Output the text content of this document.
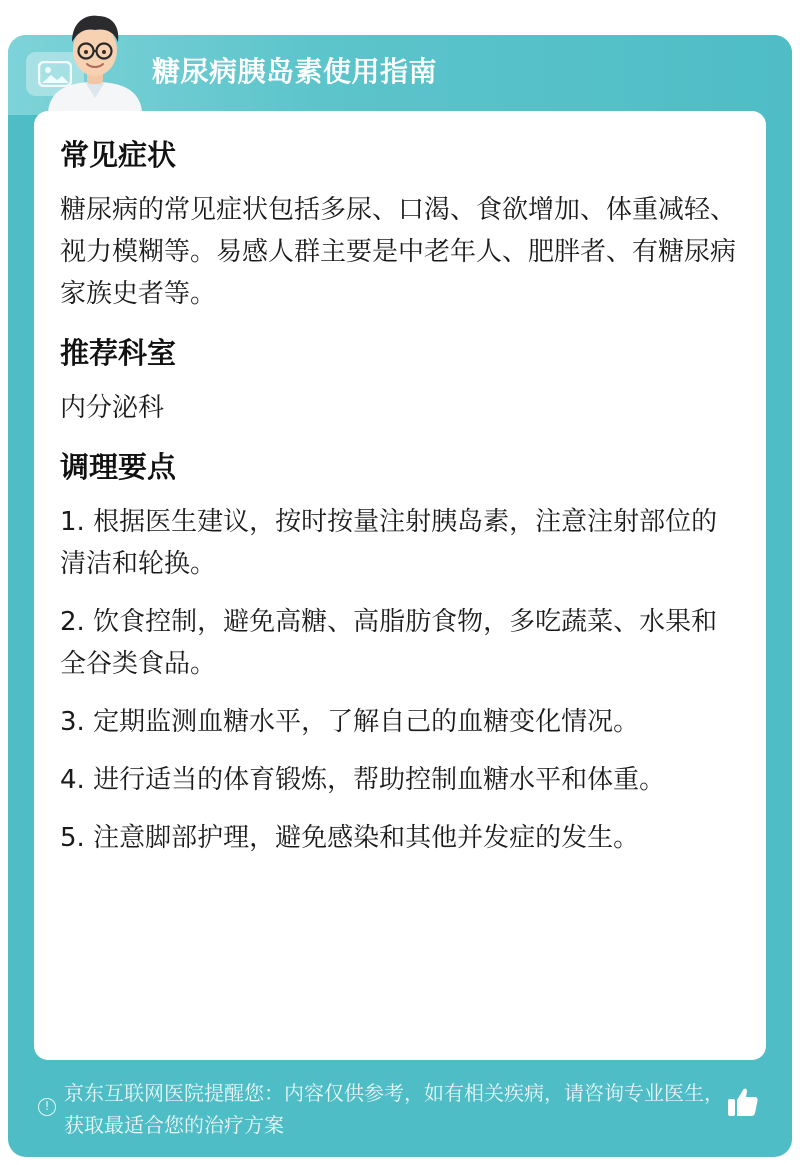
糖尿病胰岛素使用指南
常见症状
糖尿病的常见症状包括多尿、口渴、食欲增加、体重减轻、视力模糊等。易感人群主要是中老年人、肥胖者、有糖尿病家族史者等。
推荐科室
内分泌科
调理要点
1. 根据医生建议，按时按量注射胰岛素，注意注射部位的清洁和轮换。
2. 饮食控制，避免高糖、高脂肪食物，多吃蔬菜、水果和全谷类食品。
3. 定期监测血糖水平，了解自己的血糖变化情况。
4. 进行适当的体育锻炼，帮助控制血糖水平和体重。
5. 注意脚部护理，避免感染和其他并发症的发生。
!
京东互联网医院提醒您：内容仅供参考，如有相关疾病，请咨询专业医生，获取最适合您的治疗方案
